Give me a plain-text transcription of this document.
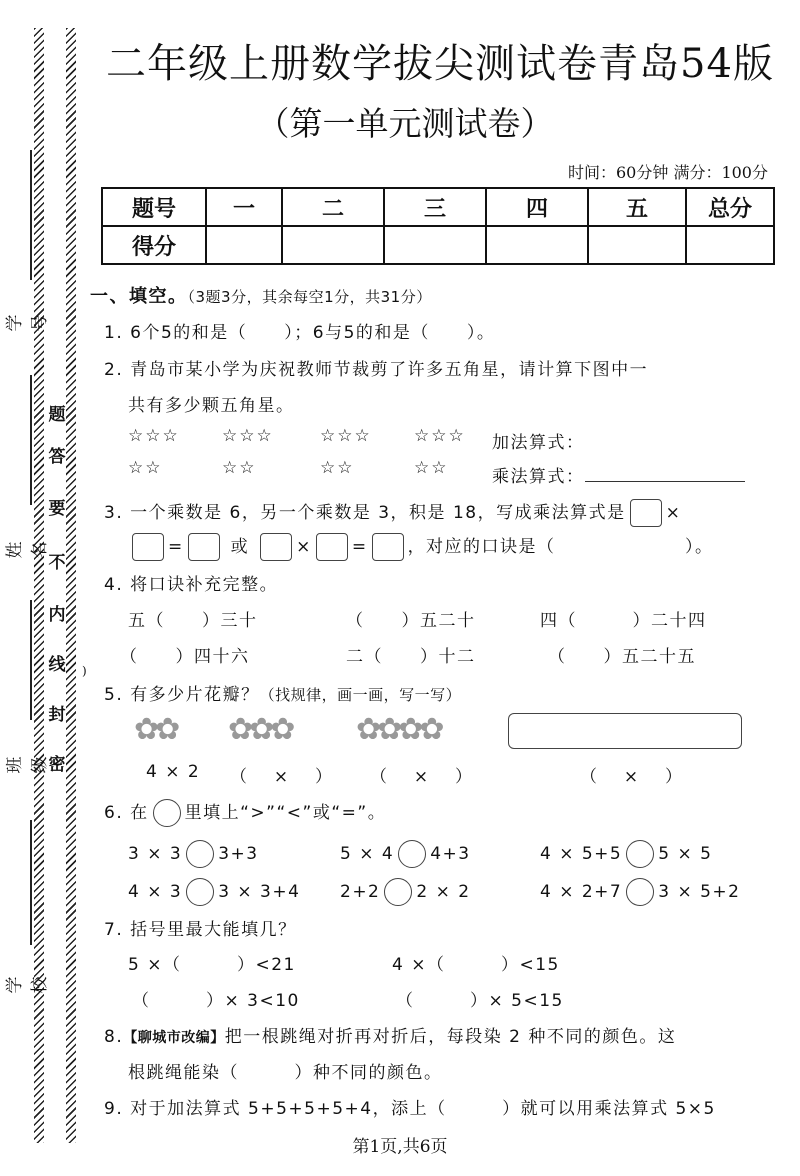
学号
姓名
班级
学校
题
答
要
不
内
线
封
密
二年级上册数学拔尖测试卷青岛54版
（第一单元测试卷）
时间：60分钟 满分：100分
题号	一	二	三	四	五	总分
得分						
一、填空。（3题3分，其余每空1分，共31分）
1. 6个5的和是（　　）；6与5的和是（　　）。
2. 青岛市某小学为庆祝教师节裁剪了许多五角星，请计算下图中一
共有多少颗五角星。
☆☆☆ ☆☆☆	☆☆☆ ☆☆☆ 加法算式：
☆☆	☆☆	☆☆	☆☆	乘法算式：
3. 一个乘数是 6，另一个乘数是 3，积是 18，写成乘法算式是 ×
=	或	× = ，对应的口诀是（　　　　　　　）。
4. 将口诀补充完整。
五（　　）三十	（　　）五二十	四（　　　）二十四
（　　）四十六	二（　　）十二	（　　）五二十五
)
5. 有多少片花瓣？（找规律，画一画，写一写）
✿✿ ✿✿✿ ✿✿✿✿
4 × 2 （　 ×　 ） （　 ×　 ）	（　 ×　 ）
6. 在 里填上“>”“<”或“=”。
3 × 3 3+3	5 × 4 4+3	4 × 5+5 5 × 5
4 × 3 3 × 3+4 2+2 2 × 2	4 × 2+7 3 × 5+2
7. 括号里最大能填几？
5 ×（　　　）<21	4 ×（　　　）<15
（　　　）× 3<10	（　　　）× 5<15
8.【聊城市改编】把一根跳绳对折再对折后，每段染 2 种不同的颜色。这
根跳绳能染（　　　）种不同的颜色。
9. 对于加法算式 5+5+5+5+4，添上（　　　）就可以用乘法算式 5×5
第1页,共6页
